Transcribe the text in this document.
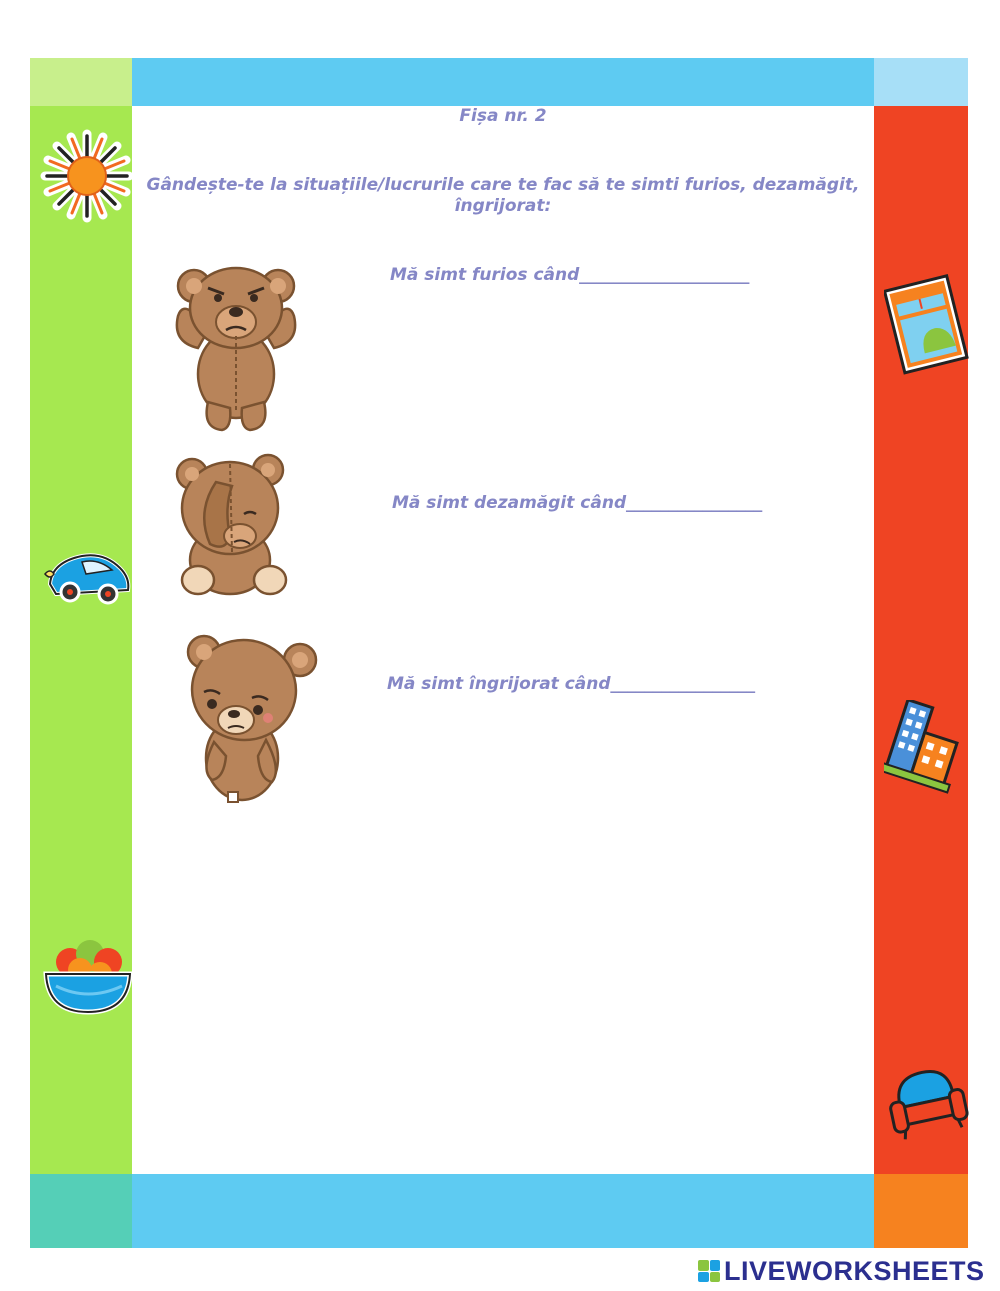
Fișa nr. 2
Gândește-te la situațiile/lucrurile care te fac să te simti furios, dezamăgit, îngrijorat:
Mă simt furios când____________________
Mă simt dezamăgit când________________
Mă simt îngrijorat când_________________
LIVEWORKSHEETS
